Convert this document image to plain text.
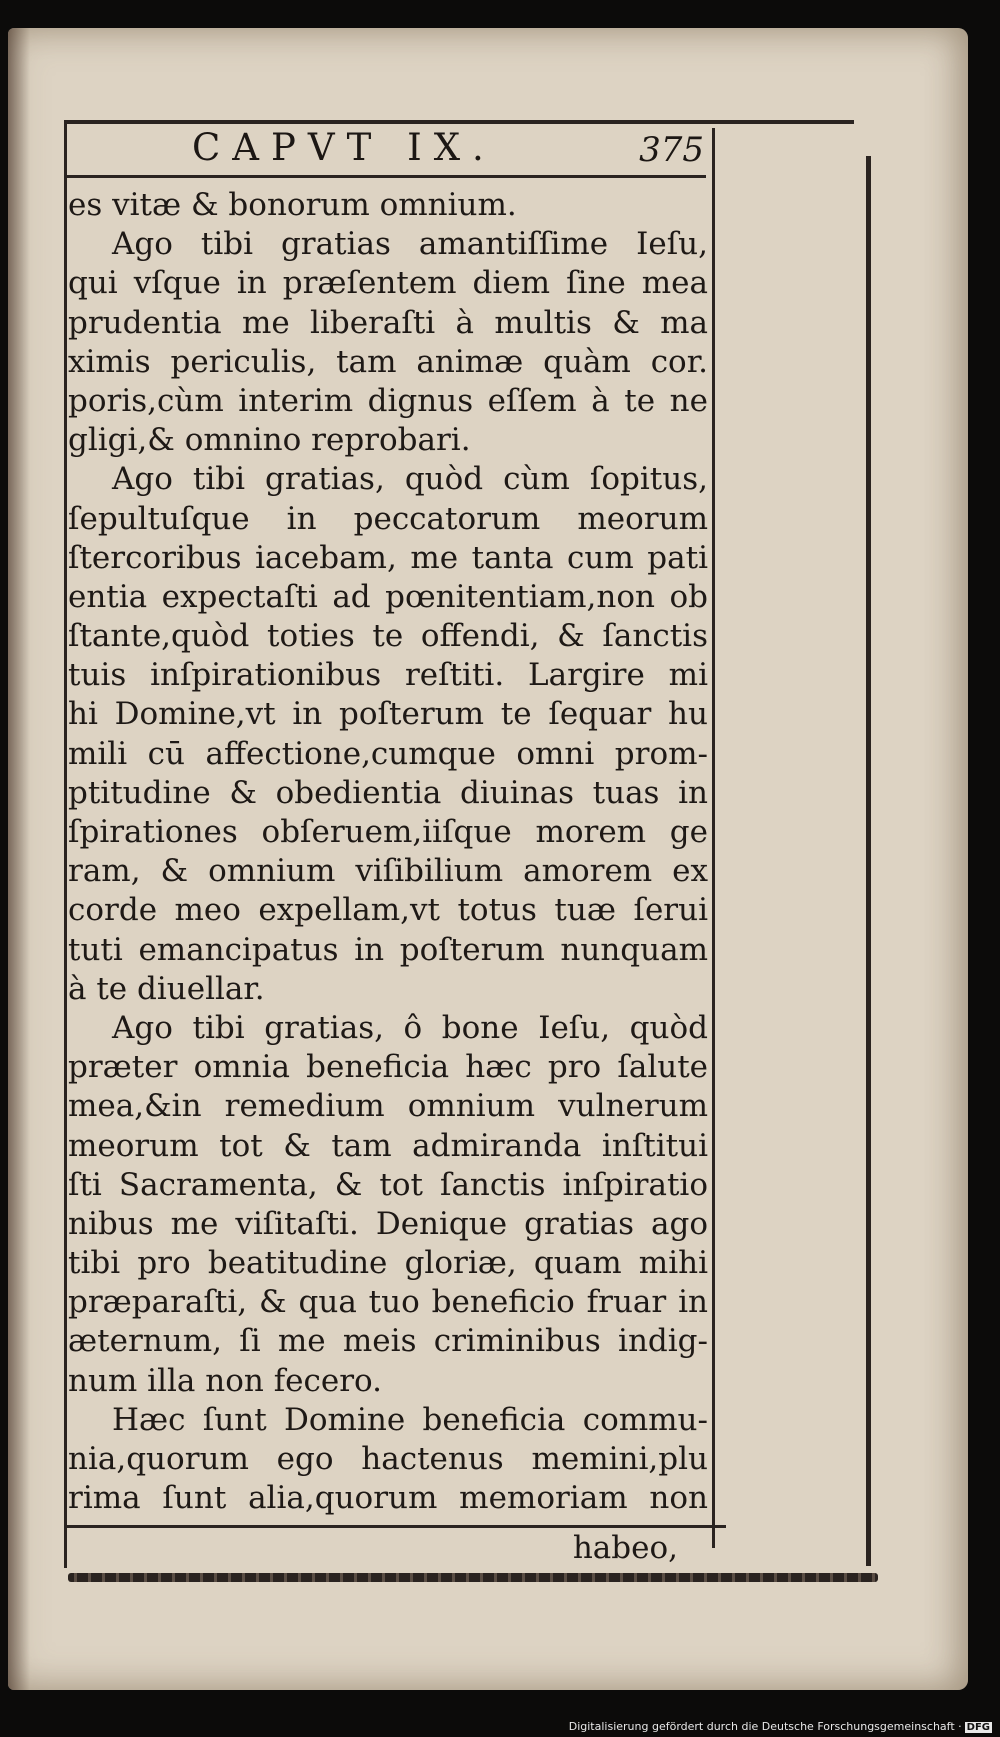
CAPVT IX.	375
es vitæ & bonorum omnium.
Ago tibi gratias amantiſſime Ieſu,
qui vſque in præſentem diem ſine mea
prudentia me liberaſti à multis & ma
ximis periculis, tam animæ quàm cor.
poris,cùm interim dignus eſſem à te ne
gligi,& omnino reprobari.
Ago tibi gratias, quòd cùm ſopitus,
ſepultuſque in peccatorum meorum
ſtercoribus iacebam, me tanta cum pati
entia expectaſti ad pœnitentiam,non ob
ſtante,quòd toties te offendi, & ſanctis
tuis inſpirationibus reſtiti. Largire mi
hi Domine,vt in poſterum te ſequar hu
mili cū affectione,cumque omni prom-
ptitudine & obedientia diuinas tuas in
ſpirationes obſeruem,iiſque morem ge
ram, & omnium viſibilium amorem ex
corde meo expellam,vt totus tuæ ſerui
tuti emancipatus in poſterum nunquam
à te diuellar.
Ago tibi gratias, ô bone Ieſu, quòd
præter omnia beneficia hæc pro ſalute
mea,&in remedium omnium vulnerum
meorum tot & tam admiranda inſtitui
ſti Sacramenta, & tot ſanctis inſpiratio
nibus me viſitaſti. Denique gratias ago
tibi pro beatitudine gloriæ, quam mihi
præparaſti, & qua tuo beneficio fruar in
æternum, ſi me meis criminibus indig-
num illa non fecero.
Hæc ſunt Domine beneficia commu-
nia,quorum ego hactenus memini,plu
rima ſunt alia,quorum memoriam non
habeo,
Digitalisierung gefördert durch die Deutsche Forschungsgemeinschaft · DFG
